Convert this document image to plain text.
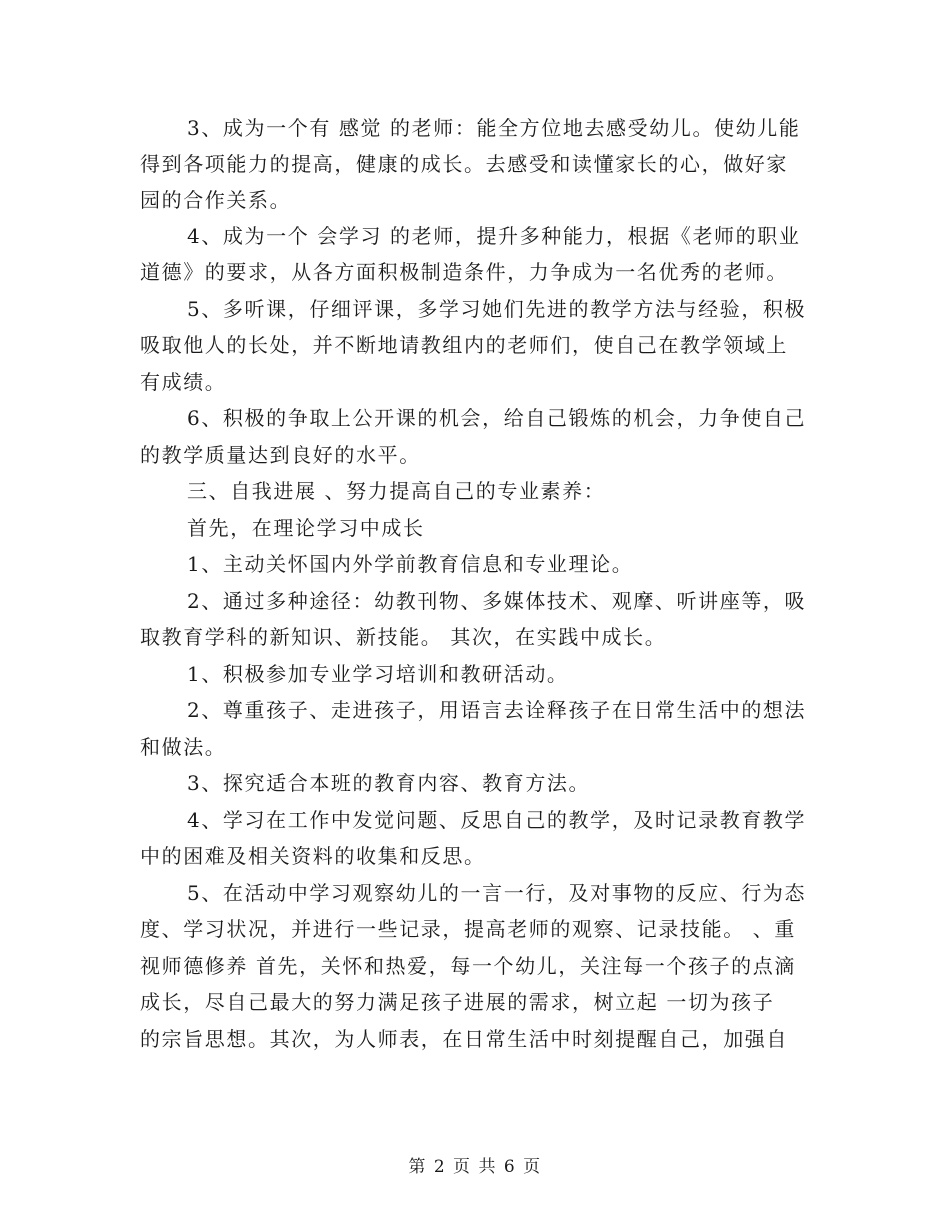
3、成为一个有 感觉 的老师：能全方位地去感受幼儿。使幼儿能
得到各项能力的提高，健康的成长。去感受和读懂家长的心，做好家
园的合作关系。
4、成为一个 会学习 的老师，提升多种能力，根据《老师的职业
道德》的要求，从各方面积极制造条件，力争成为一名优秀的老师。
5、多听课，仔细评课，多学习她们先进的教学方法与经验，积极
吸取他人的长处，并不断地请教组内的老师们，使自己在教学领域上
有成绩。
6、积极的争取上公开课的机会，给自己锻炼的机会，力争使自己
的教学质量达到良好的水平。
三、自我进展 、努力提高自己的专业素养：
首先，在理论学习中成长
1、主动关怀国内外学前教育信息和专业理论。
2、通过多种途径：幼教刊物、多媒体技术、观摩、听讲座等，吸
取教育学科的新知识、新技能。 其次，在实践中成长。
1、积极参加专业学习培训和教研活动。
2、尊重孩子、走进孩子，用语言去诠释孩子在日常生活中的想法
和做法。
3、探究适合本班的教育内容、教育方法。
4、学习在工作中发觉问题、反思自己的教学，及时记录教育教学
中的困难及相关资料的收集和反思。
5、在活动中学习观察幼儿的一言一行，及对事物的反应、行为态
度、学习状况，并进行一些记录，提高老师的观察、记录技能。 、重
视师德修养 首先，关怀和热爱，每一个幼儿，关注每一个孩子的点滴
成长，尽自己最大的努力满足孩子进展的需求，树立起 一切为孩子
的宗旨思想。其次，为人师表，在日常生活中时刻提醒自己，加强自
第 2 页 共 6 页
